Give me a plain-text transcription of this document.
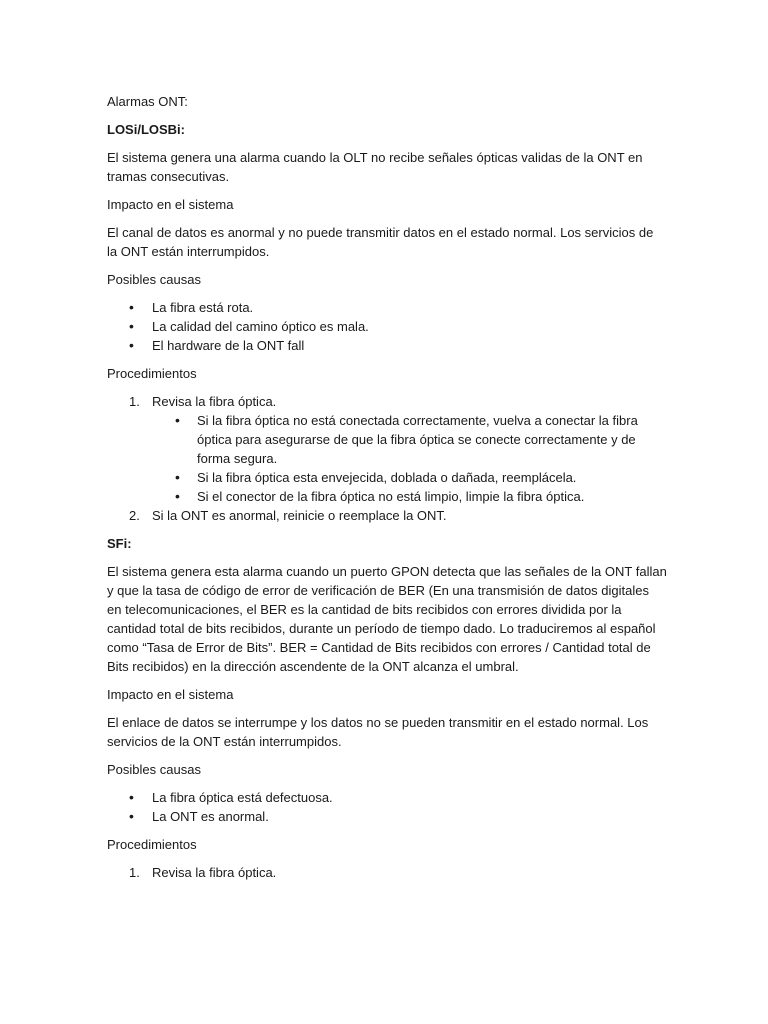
Alarmas ONT:

LOSi/LOSBi:

El sistema genera una alarma cuando la OLT no recibe señales ópticas validas de la ONT en tramas consecutivas.

Impacto en el sistema

El canal de datos es anormal y no puede transmitir datos en el estado normal. Los servicios de la ONT están interrumpidos.

Posibles causas

• La fibra está rota.
• La calidad del camino óptico es mala.
• El hardware de la ONT fall

Procedimientos

1. Revisa la fibra óptica.
• Si la fibra óptica no está conectada correctamente, vuelva a conectar la fibra óptica para asegurarse de que la fibra óptica se conecte correctamente y de forma segura.
• Si la fibra óptica esta envejecida, doblada o dañada, reemplácela.
• Si el conector de la fibra óptica no está limpio, limpie la fibra óptica.
2. Si la ONT es anormal, reinicie o reemplace la ONT.

SFi:

El sistema genera esta alarma cuando un puerto GPON detecta que las señales de la ONT fallan y que la tasa de código de error de verificación de BER (En una transmisión de datos digitales en telecomunicaciones, el BER es la cantidad de bits recibidos con errores dividida por la cantidad total de bits recibidos, durante un período de tiempo dado. Lo traduciremos al español como “Tasa de Error de Bits”. BER = Cantidad de Bits recibidos con errores / Cantidad total de Bits recibidos) en la dirección ascendente de la ONT alcanza el umbral.

Impacto en el sistema

El enlace de datos se interrumpe y los datos no se pueden transmitir en el estado normal. Los servicios de la ONT están interrumpidos.

Posibles causas

• La fibra óptica está defectuosa.
• La ONT es anormal.

Procedimientos

1. Revisa la fibra óptica.
